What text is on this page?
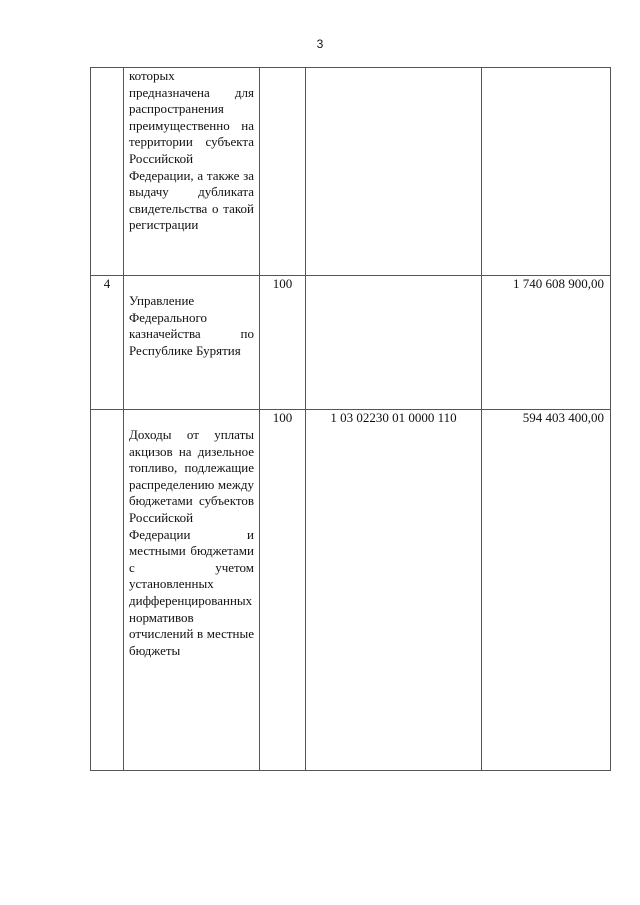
3

	которых предназначена для распространения преимущественно на территории субъекта Российской Федерации, а также за выдачу дубликата свидетельства о такой регистрации			

4	Управление Федерального казначейства по Республике Бурятия	100		1 740 608 900,00

	Доходы от уплаты акцизов на дизельное топливо, подлежащие распределению между бюджетами субъектов Российской Федерации и местными бюджетами с учетом установленных дифференцированных нормативов отчислений в местные бюджеты	100	1 03 02230 01 0000 110	594 403 400,00
